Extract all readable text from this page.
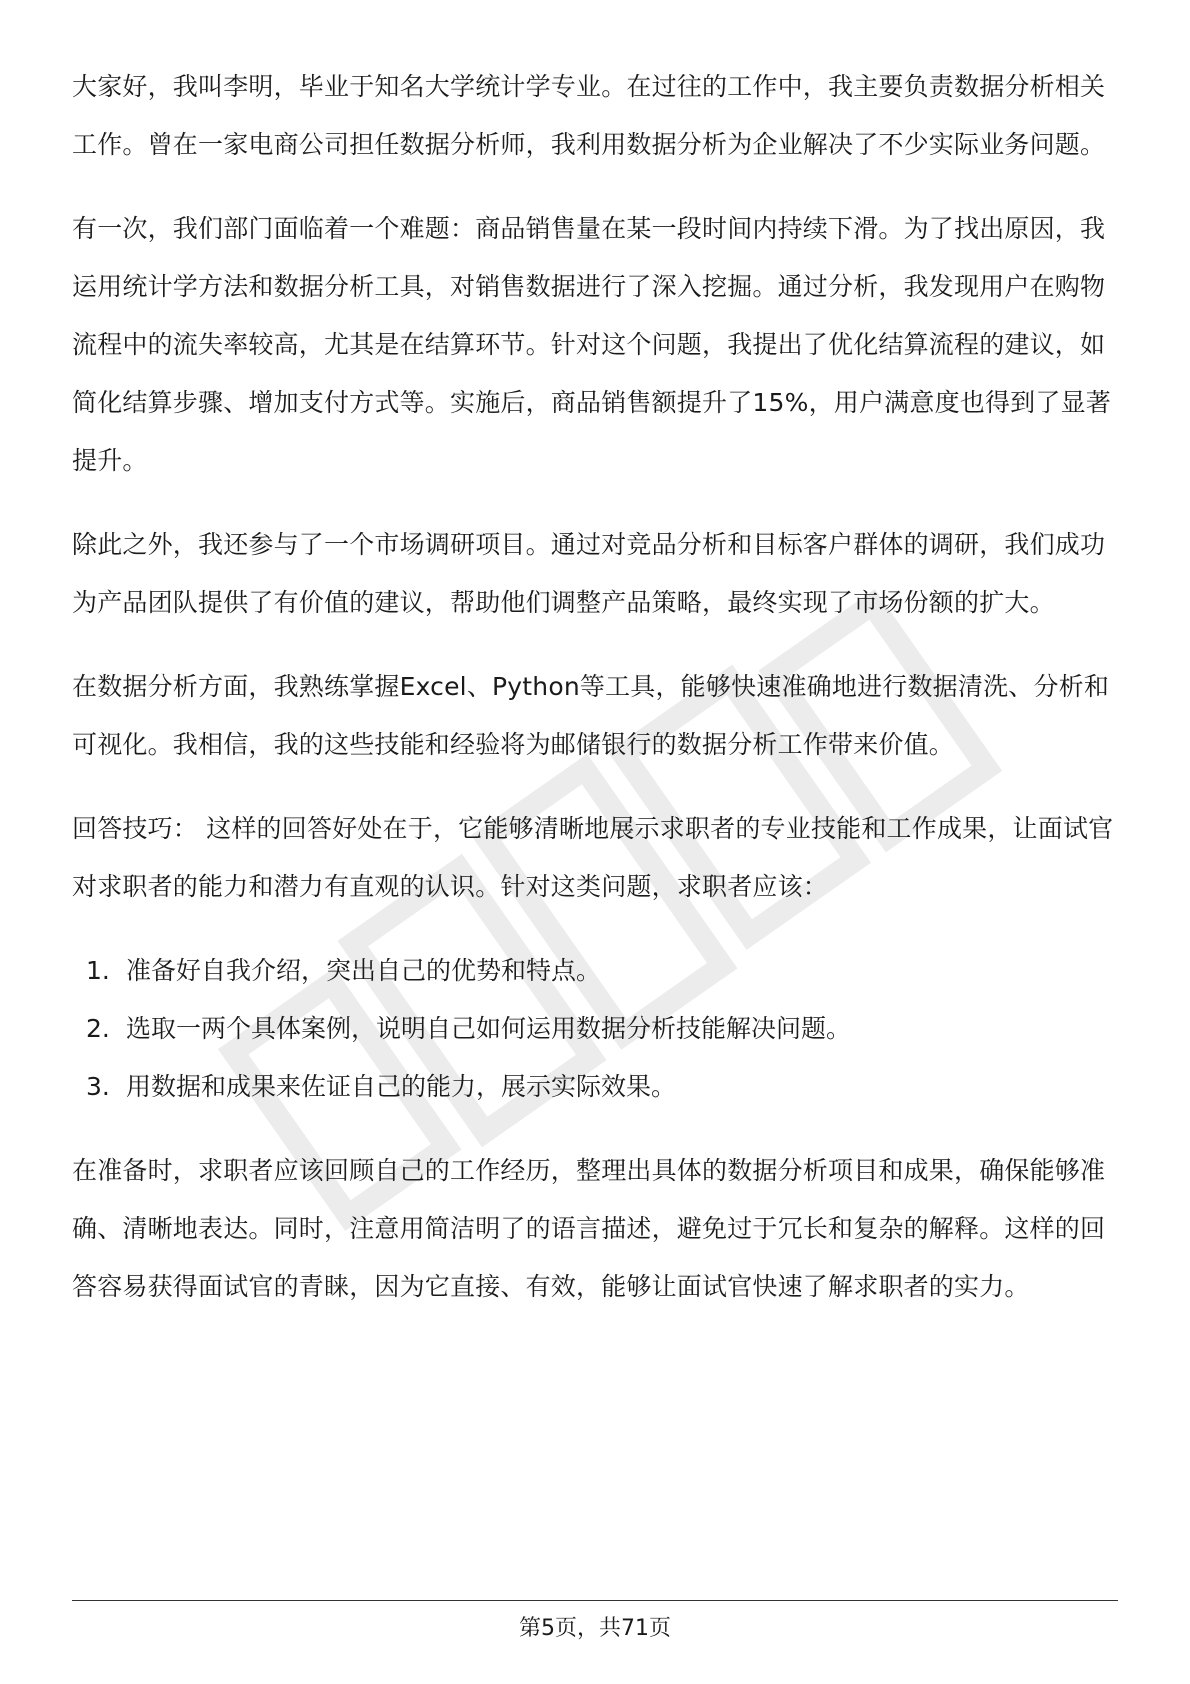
大家好，我叫李明，毕业于知名大学统计学专业。在过往的工作中，我主要负责数据分析相关工作。曾在一家电商公司担任数据分析师，我利用数据分析为企业解决了不少实际业务问题。

有一次，我们部门面临着一个难题：商品销售量在某一段时间内持续下滑。为了找出原因，我运用统计学方法和数据分析工具，对销售数据进行了深入挖掘。通过分析，我发现用户在购物流程中的流失率较高，尤其是在结算环节。针对这个问题，我提出了优化结算流程的建议，如简化结算步骤、增加支付方式等。实施后，商品销售额提升了15%，用户满意度也得到了显著提升。

除此之外，我还参与了一个市场调研项目。通过对竞品分析和目标客户群体的调研，我们成功为产品团队提供了有价值的建议，帮助他们调整产品策略，最终实现了市场份额的扩大。

在数据分析方面，我熟练掌握Excel、Python等工具，能够快速准确地进行数据清洗、分析和可视化。我相信，我的这些技能和经验将为邮储银行的数据分析工作带来价值。

回答技巧： 这样的回答好处在于，它能够清晰地展示求职者的专业技能和工作成果，让面试官对求职者的能力和潜力有直观的认识。针对这类问题，求职者应该：

1. 准备好自我介绍，突出自己的优势和特点。
2. 选取一两个具体案例，说明自己如何运用数据分析技能解决问题。
3. 用数据和成果来佐证自己的能力，展示实际效果。

在准备时，求职者应该回顾自己的工作经历，整理出具体的数据分析项目和成果，确保能够准确、清晰地表达。同时，注意用简洁明了的语言描述，避免过于冗长和复杂的解释。这样的回答容易获得面试官的青睐，因为它直接、有效，能够让面试官快速了解求职者的实力。

第5页，共71页
